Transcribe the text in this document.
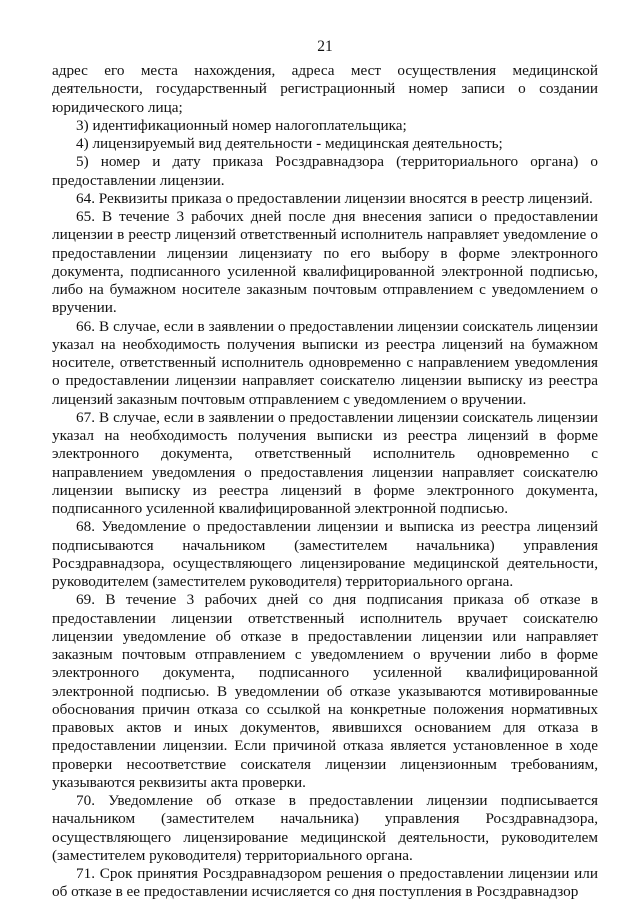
21

адрес его места нахождения, адреса мест осуществления медицинской деятельности, государственный регистрационный номер записи о создании юридического лица;

3) идентификационный номер налогоплательщика;

4) лицензируемый вид деятельности - медицинская деятельность;

5) номер и дату приказа Росздравнадзора (территориального органа) о предоставлении лицензии.

64. Реквизиты приказа о предоставлении лицензии вносятся в реестр лицензий.

65. В течение 3 рабочих дней после дня внесения записи о предоставлении лицензии в реестр лицензий ответственный исполнитель направляет уведомление о предоставлении лицензии лицензиату по его выбору в форме электронного документа, подписанного усиленной квалифицированной электронной подписью, либо на бумажном носителе заказным почтовым отправлением с уведомлением о вручении.

66. В случае, если в заявлении о предоставлении лицензии соискатель лицензии указал на необходимость получения выписки из реестра лицензий на бумажном носителе, ответственный исполнитель одновременно с направлением уведомления о предоставлении лицензии направляет соискателю лицензии выписку из реестра лицензий заказным почтовым отправлением с уведомлением о вручении.

67. В случае, если в заявлении о предоставлении лицензии соискатель лицензии указал на необходимость получения выписки из реестра лицензий в форме электронного документа, ответственный исполнитель одновременно с направлением уведомления о предоставления лицензии направляет соискателю лицензии выписку из реестра лицензий в форме электронного документа, подписанного усиленной квалифицированной электронной подписью.

68. Уведомление о предоставлении лицензии и выписка из реестра лицензий подписываются начальником (заместителем начальника) управления Росздравнадзора, осуществляющего лицензирование медицинской деятельности, руководителем (заместителем руководителя) территориального органа.

69. В течение 3 рабочих дней со дня подписания приказа об отказе в предоставлении лицензии ответственный исполнитель вручает соискателю лицензии уведомление об отказе в предоставлении лицензии или направляет заказным почтовым отправлением с уведомлением о вручении либо в форме электронного документа, подписанного усиленной квалифицированной электронной подписью. В уведомлении об отказе указываются мотивированные обоснования причин отказа со ссылкой на конкретные положения нормативных правовых актов и иных документов, явившихся основанием для отказа в предоставлении лицензии. Если причиной отказа является установленное в ходе проверки несоответствие соискателя лицензии лицензионным требованиям, указываются реквизиты акта проверки.

70. Уведомление об отказе в предоставлении лицензии подписывается начальником (заместителем начальника) управления Росздравнадзора, осуществляющего лицензирование медицинской деятельности, руководителем (заместителем руководителя) территориального органа.

71. Срок принятия Росздравнадзором решения о предоставлении лицензии или об отказе в ее предоставлении исчисляется со дня поступления в Росздравнадзор
